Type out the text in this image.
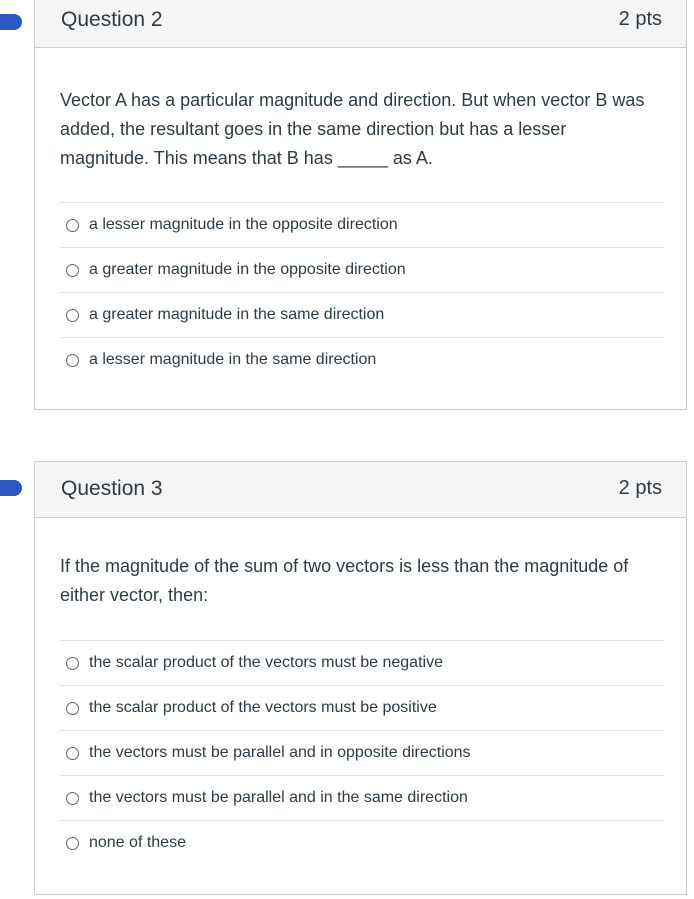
Question 2	2 pts
Vector A has a particular magnitude and direction. But when vector B was added, the resultant goes in the same direction but has a lesser magnitude. This means that B has _____ as A.
a lesser magnitude in the opposite direction
a greater magnitude in the opposite direction
a greater magnitude in the same direction
a lesser magnitude in the same direction
Question 3	2 pts
If the magnitude of the sum of two vectors is less than the magnitude of either vector, then:
the scalar product of the vectors must be negative
the scalar product of the vectors must be positive
the vectors must be parallel and in opposite directions
the vectors must be parallel and in the same direction
none of these
